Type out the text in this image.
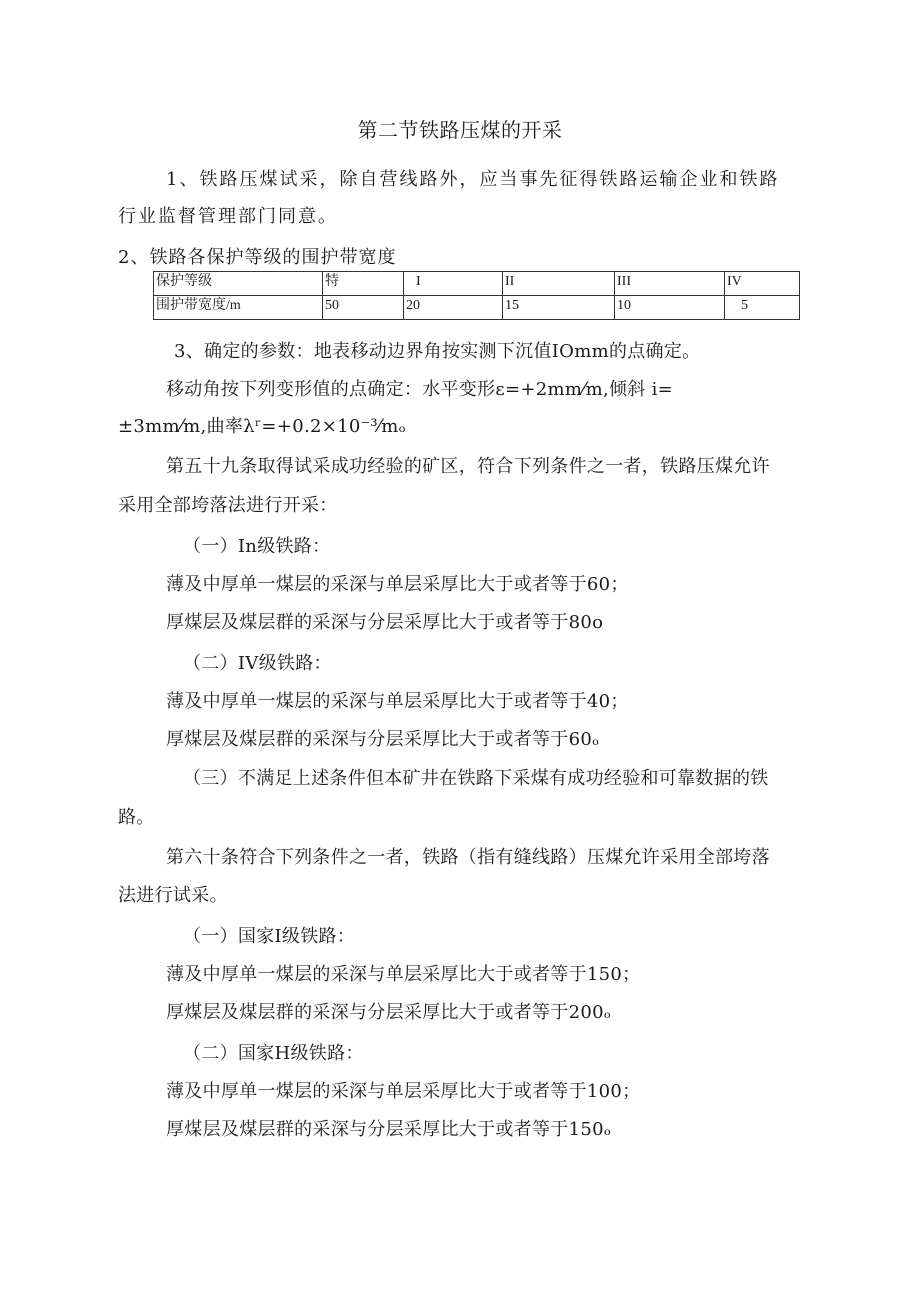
第二节铁路压煤的开采
1、铁路压煤试采，除自营线路外，应当事先征得铁路运输企业和铁路
行业监督管理部门同意。
2、铁路各保护等级的围护带宽度
保护等级	特	I	II	III	IV
围护带宽度/m	50	20	15	10	5
3、确定的参数：地表移动边界角按实测下沉值IOmm的点确定。
移动角按下列变形值的点确定：水平变形ε=+2mm⁄m,倾斜 i=
±3mm⁄m,曲率λʳ=+0.2×10⁻³⁄mₒ
第五十九条取得试采成功经验的矿区，符合下列条件之一者，铁路压煤允许
采用全部垮落法进行开采：
（一）In级铁路：
薄及中厚单一煤层的采深与单层采厚比大于或者等于60；
厚煤层及煤层群的采深与分层采厚比大于或者等于80o
（二）IV级铁路：
薄及中厚单一煤层的采深与单层采厚比大于或者等于40；
厚煤层及煤层群的采深与分层采厚比大于或者等于60ₒ
（三）不满足上述条件但本矿井在铁路下采煤有成功经验和可靠数据的铁
路。
第六十条符合下列条件之一者，铁路（指有缝线路）压煤允许采用全部垮落
法进行试采。
（一）国家I级铁路：
薄及中厚单一煤层的采深与单层采厚比大于或者等于150；
厚煤层及煤层群的采深与分层采厚比大于或者等于200ₒ
（二）国家H级铁路：
薄及中厚单一煤层的采深与单层采厚比大于或者等于100；
厚煤层及煤层群的采深与分层采厚比大于或者等于150ₒ
